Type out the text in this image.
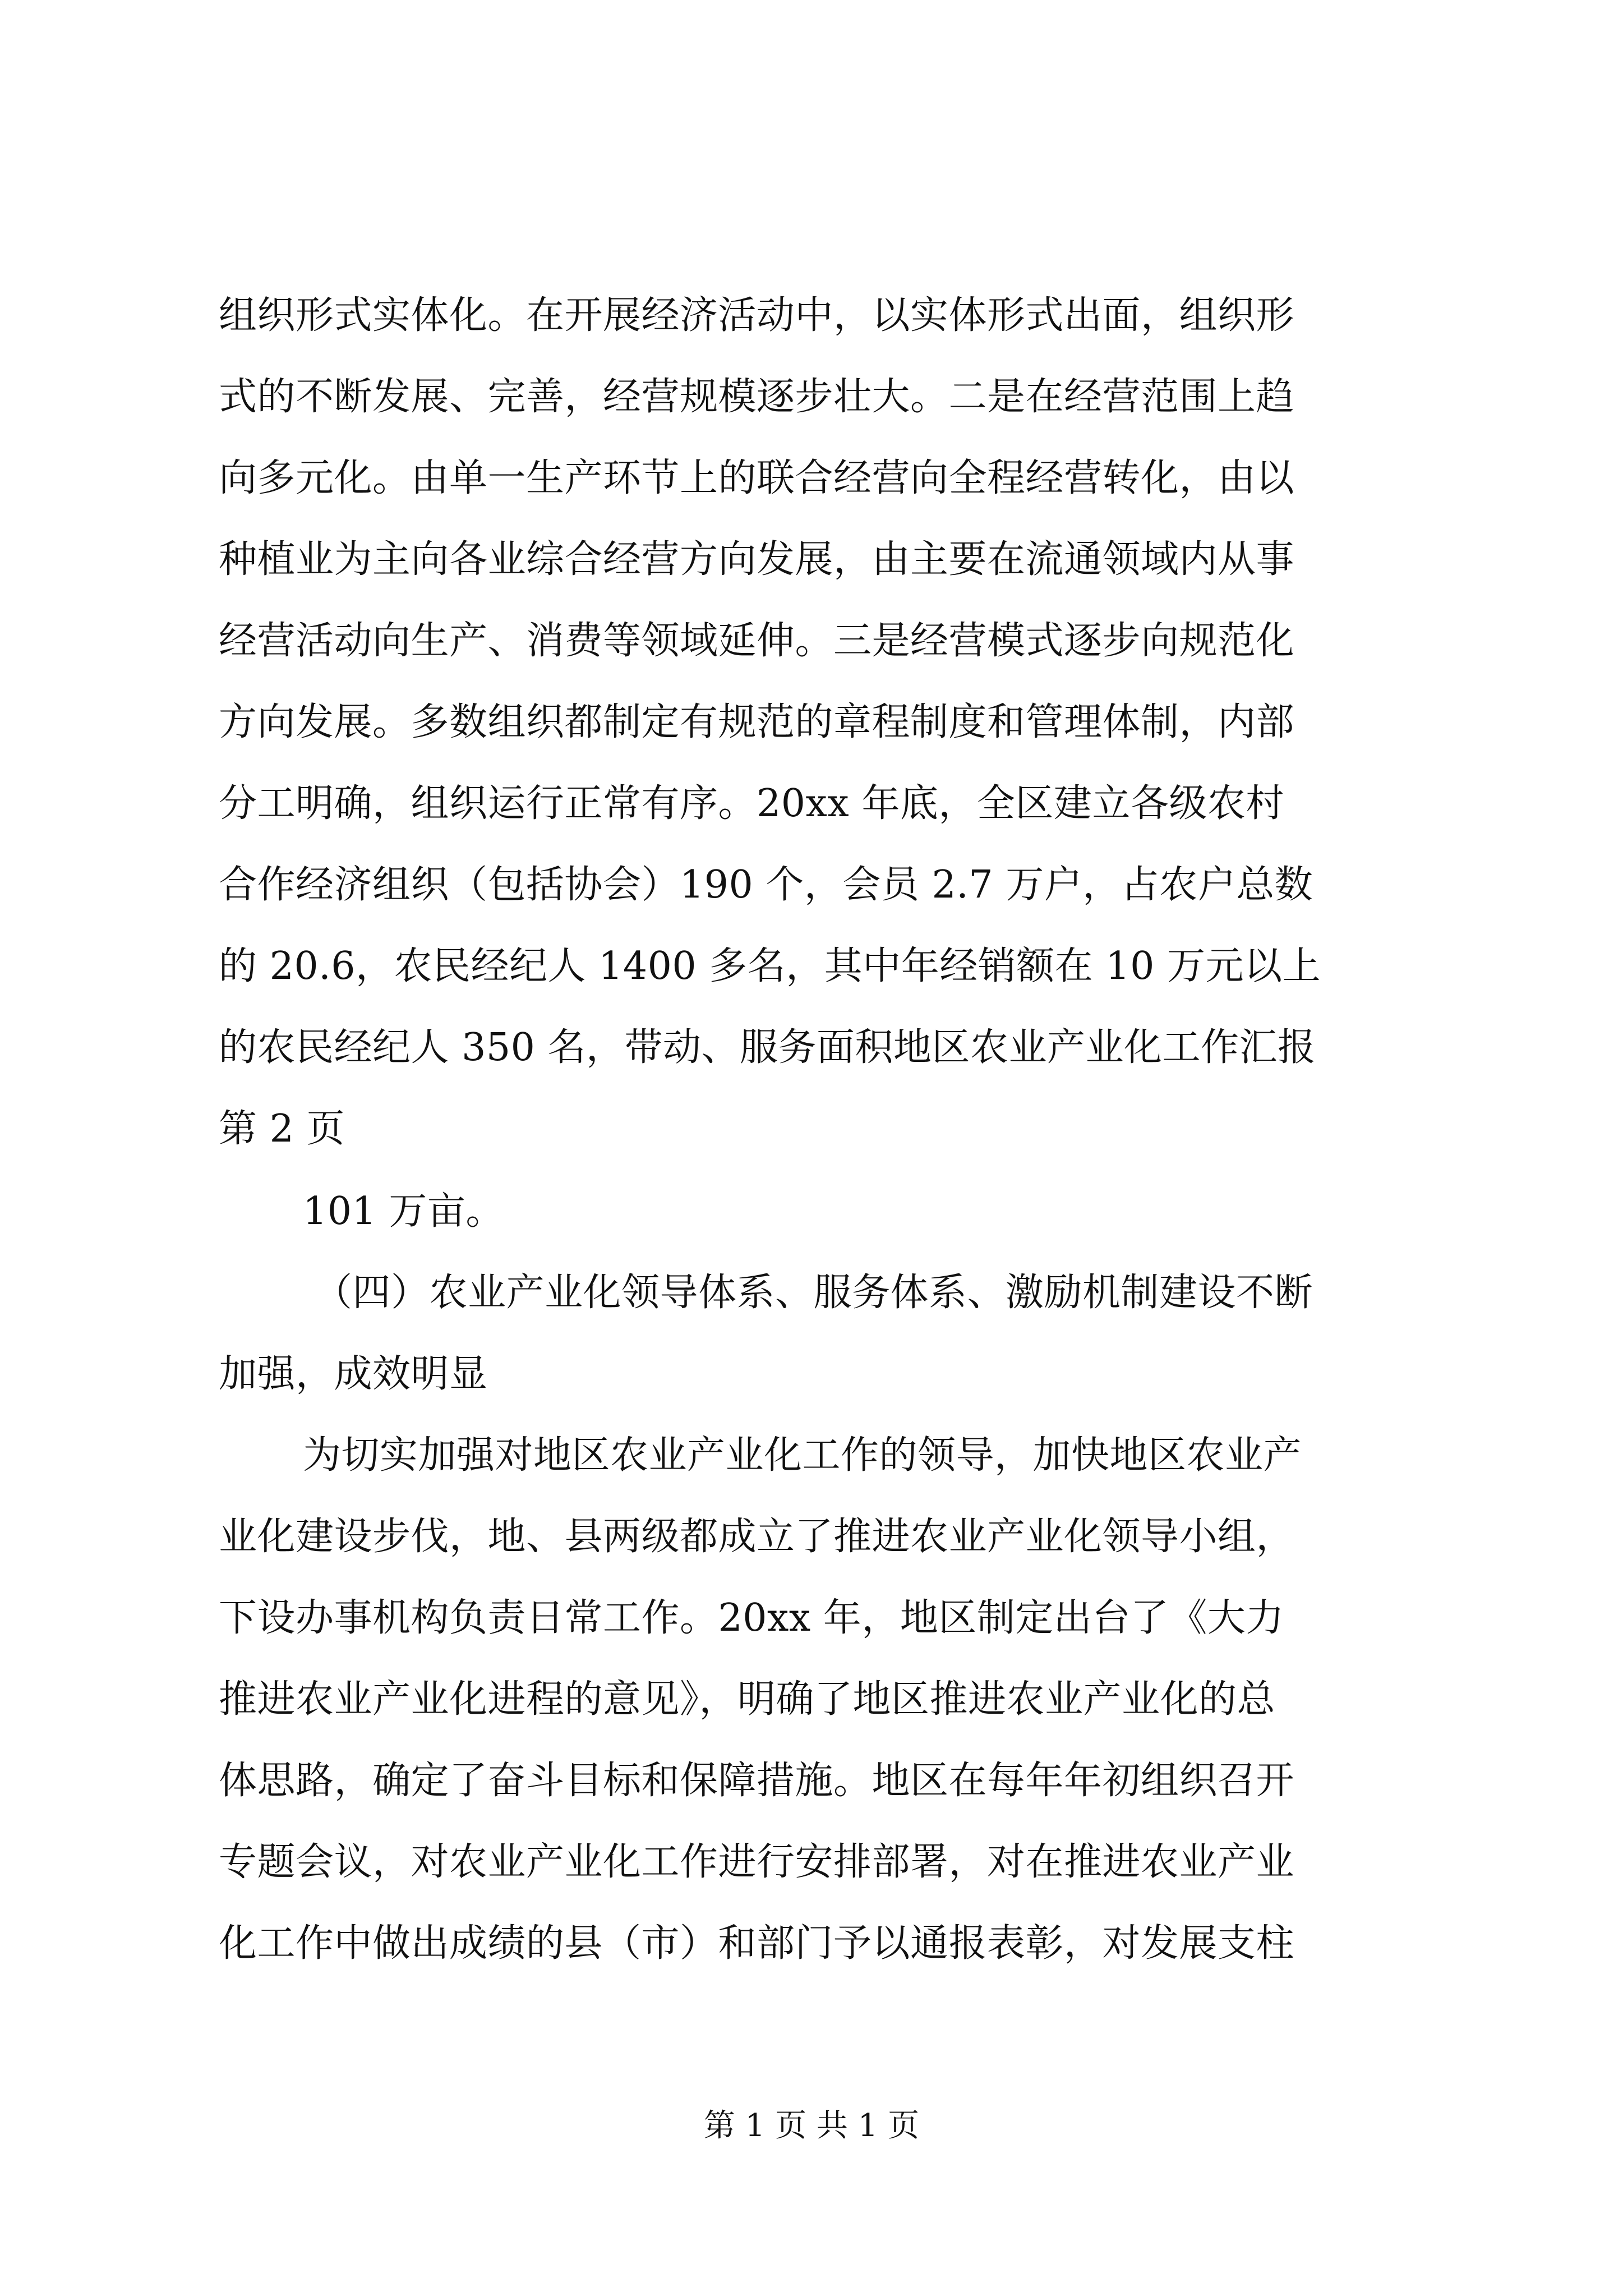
组织形式实体化。在开展经济活动中，以实体形式出面，组织形
式的不断发展、完善，经营规模逐步壮大。二是在经营范围上趋
向多元化。由单一生产环节上的联合经营向全程经营转化，由以
种植业为主向各业综合经营方向发展，由主要在流通领域内从事
经营活动向生产、消费等领域延伸。三是经营模式逐步向规范化
方向发展。多数组织都制定有规范的章程制度和管理体制，内部
分工明确，组织运行正常有序。20xx 年底，全区建立各级农村
合作经济组织（包括协会）190 个，会员 2.7 万户，占农户总数
的 20.6，农民经纪人 1400 多名，其中年经销额在 10 万元以上
的农民经纪人 350 名，带动、服务面积地区农业产业化工作汇报
第 2 页
101 万亩。
（四）农业产业化领导体系、服务体系、激励机制建设不断
加强，成效明显
为切实加强对地区农业产业化工作的领导，加快地区农业产
业化建设步伐，地、县两级都成立了推进农业产业化领导小组，
下设办事机构负责日常工作。20xx 年，地区制定出台了《大力
推进农业产业化进程的意见》，明确了地区推进农业产业化的总
体思路，确定了奋斗目标和保障措施。地区在每年年初组织召开
专题会议，对农业产业化工作进行安排部署，对在推进农业产业
化工作中做出成绩的县（市）和部门予以通报表彰，对发展支柱
第 1 页 共 1 页
